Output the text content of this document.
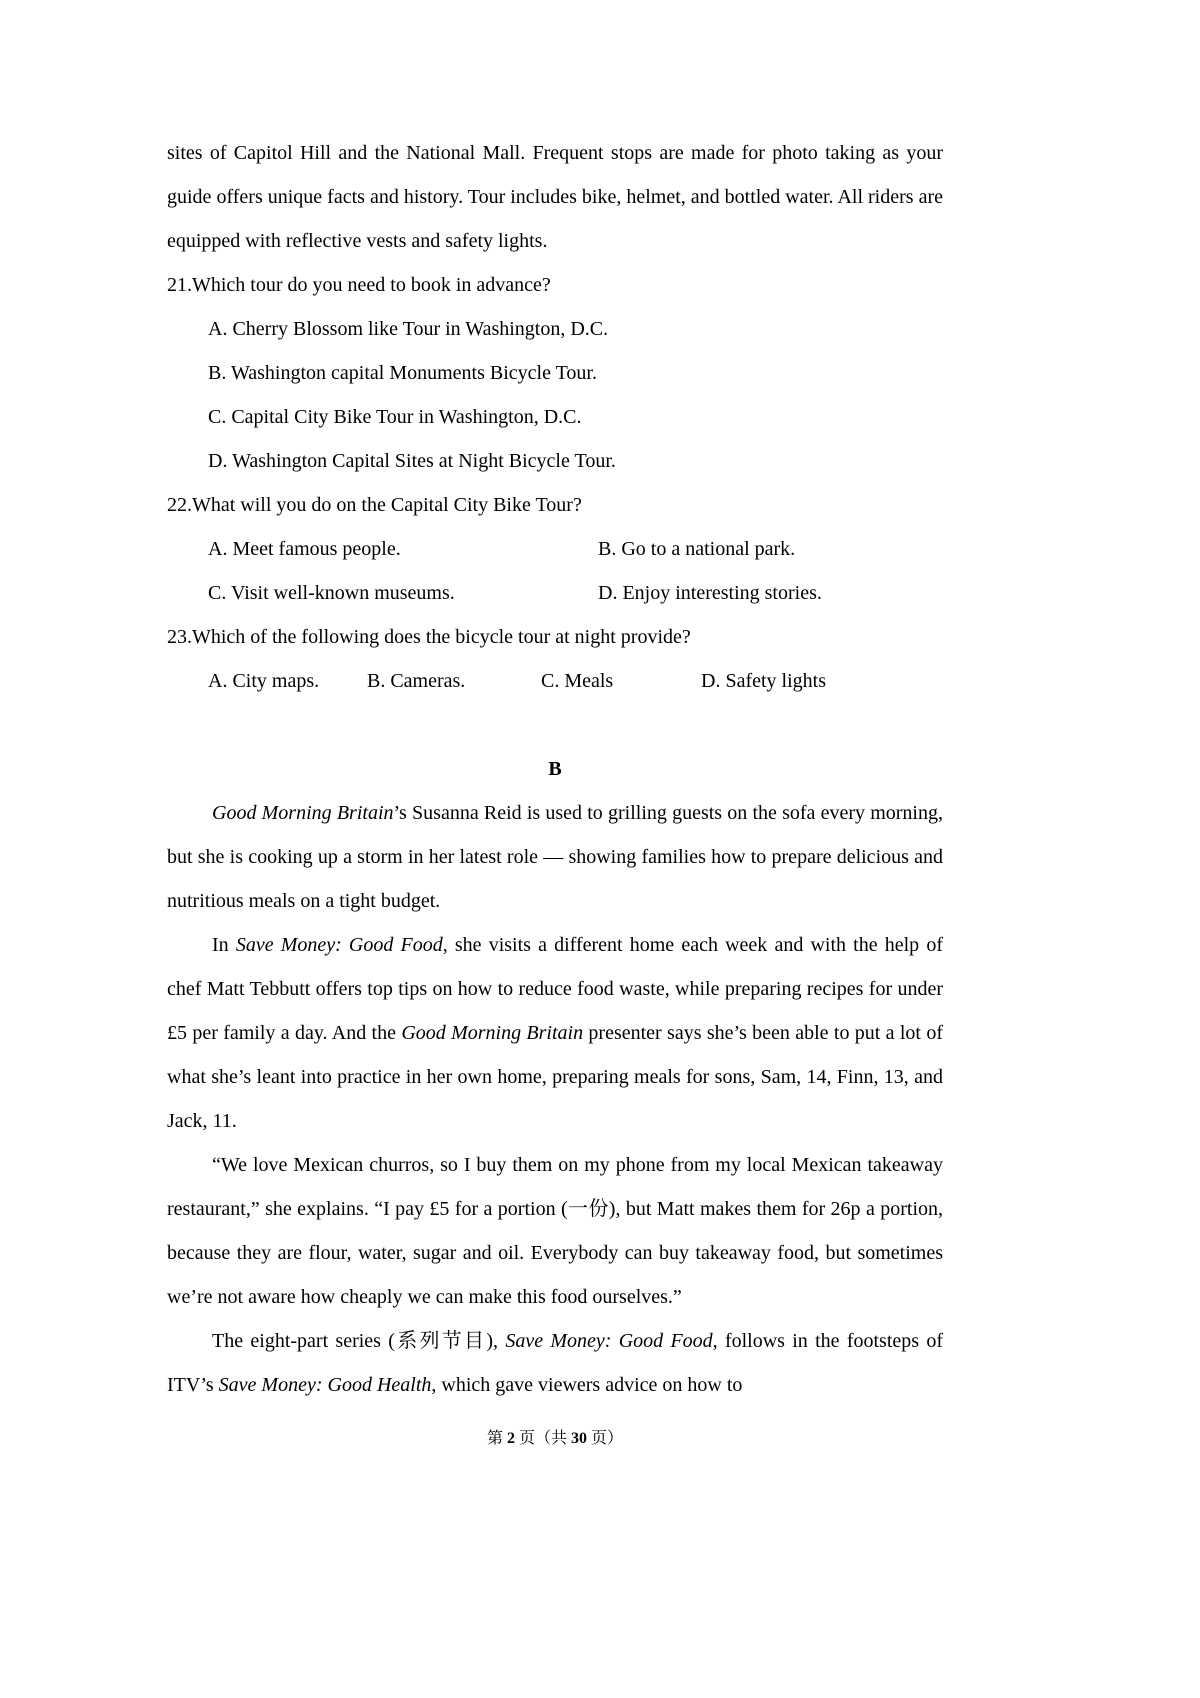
sites of Capitol Hill and the National Mall. Frequent stops are made for photo taking as your guide offers unique facts and history. Tour includes bike, helmet, and bottled water. All riders are equipped with reflective vests and safety lights.

21.Which tour do you need to book in advance?

A. Cherry Blossom like Tour in Washington, D.C.

B. Washington capital Monuments Bicycle Tour.

C. Capital City Bike Tour in Washington, D.C.

D. Washington Capital Sites at Night Bicycle Tour.

22.What will you do on the Capital City Bike Tour?

A. Meet famous people.	B. Go to a national park.

C. Visit well-known museums.	D. Enjoy interesting stories.

23.Which of the following does the bicycle tour at night provide?

A. City maps. B. Cameras.	C. Meals	D. Safety lights

B

Good Morning Britain’s Susanna Reid is used to grilling guests on the sofa every morning, but she is cooking up a storm in her latest role — showing families how to prepare delicious and nutritious meals on a tight budget.

In Save Money: Good Food, she visits a different home each week and with the help of chef Matt Tebbutt offers top tips on how to reduce food waste, while preparing recipes for under £5 per family a day. And the Good Morning Britain presenter says she’s been able to put a lot of what she’s leant into practice in her own home, preparing meals for sons, Sam, 14, Finn, 13, and Jack, 11.

“We love Mexican churros, so I buy them on my phone from my local Mexican takeaway restaurant,” she explains. “I pay £5 for a portion (一份), but Matt makes them for 26p a portion, because they are flour, water, sugar and oil. Everybody can buy takeaway food, but sometimes we’re not aware how cheaply we can make this food ourselves.”

The eight-part series (系列节目), Save Money: Good Food, follows in the footsteps of ITV’s Save Money: Good Health, which gave viewers advice on how to

第 2 页（共 30 页）
